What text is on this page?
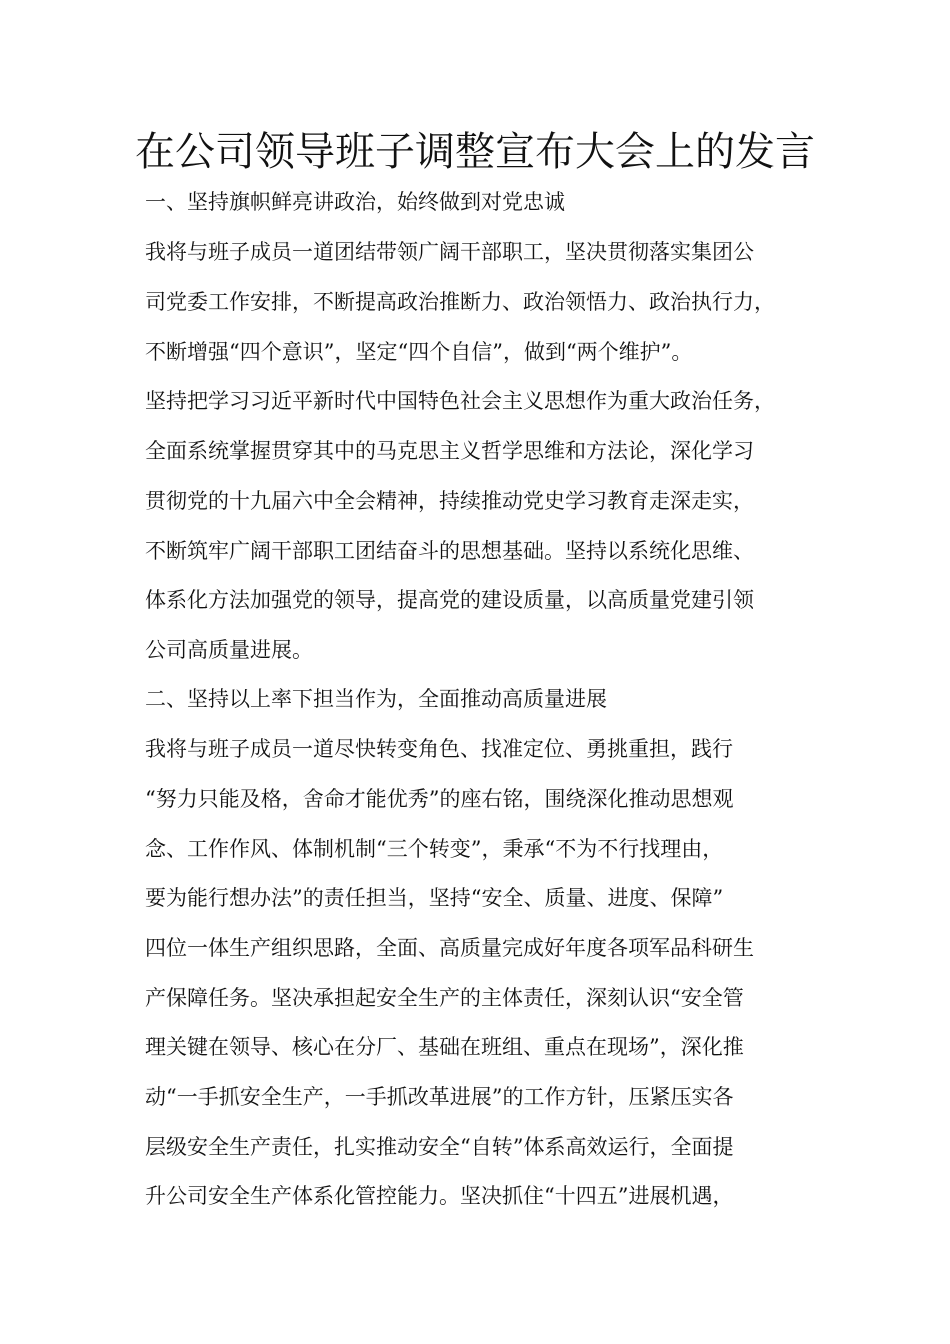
在公司领导班子调整宣布大会上的发言
一、坚持旗帜鲜亮讲政治，始终做到对党忠诚
我将与班子成员一道团结带领广阔干部职工，坚决贯彻落实集团公
司党委工作安排，不断提高政治推断力、政治领悟力、政治执行力，
不断增强“四个意识”，坚定“四个自信”，做到“两个维护”。
坚持把学习习近平新时代中国特色社会主义思想作为重大政治任务，
全面系统掌握贯穿其中的马克思主义哲学思维和方法论，深化学习
贯彻党的十九届六中全会精神，持续推动党史学习教育走深走实，
不断筑牢广阔干部职工团结奋斗的思想基础。坚持以系统化思维、
体系化方法加强党的领导，提高党的建设质量，以高质量党建引领
公司高质量进展。
二、坚持以上率下担当作为，全面推动高质量进展
我将与班子成员一道尽快转变角色、找准定位、勇挑重担，践行
“努力只能及格，舍命才能优秀”的座右铭，围绕深化推动思想观
念、工作作风、体制机制“三个转变”，秉承“不为不行找理由，
要为能行想办法”的责任担当，坚持“安全、质量、进度、保障”
四位一体生产组织思路，全面、高质量完成好年度各项军品科研生
产保障任务。坚决承担起安全生产的主体责任，深刻认识“安全管
理关键在领导、核心在分厂、基础在班组、重点在现场”，深化推
动“一手抓安全生产，一手抓改革进展”的工作方针，压紧压实各
层级安全生产责任，扎实推动安全“自转”体系高效运行，全面提
升公司安全生产体系化管控能力。坚决抓住“十四五”进展机遇，
